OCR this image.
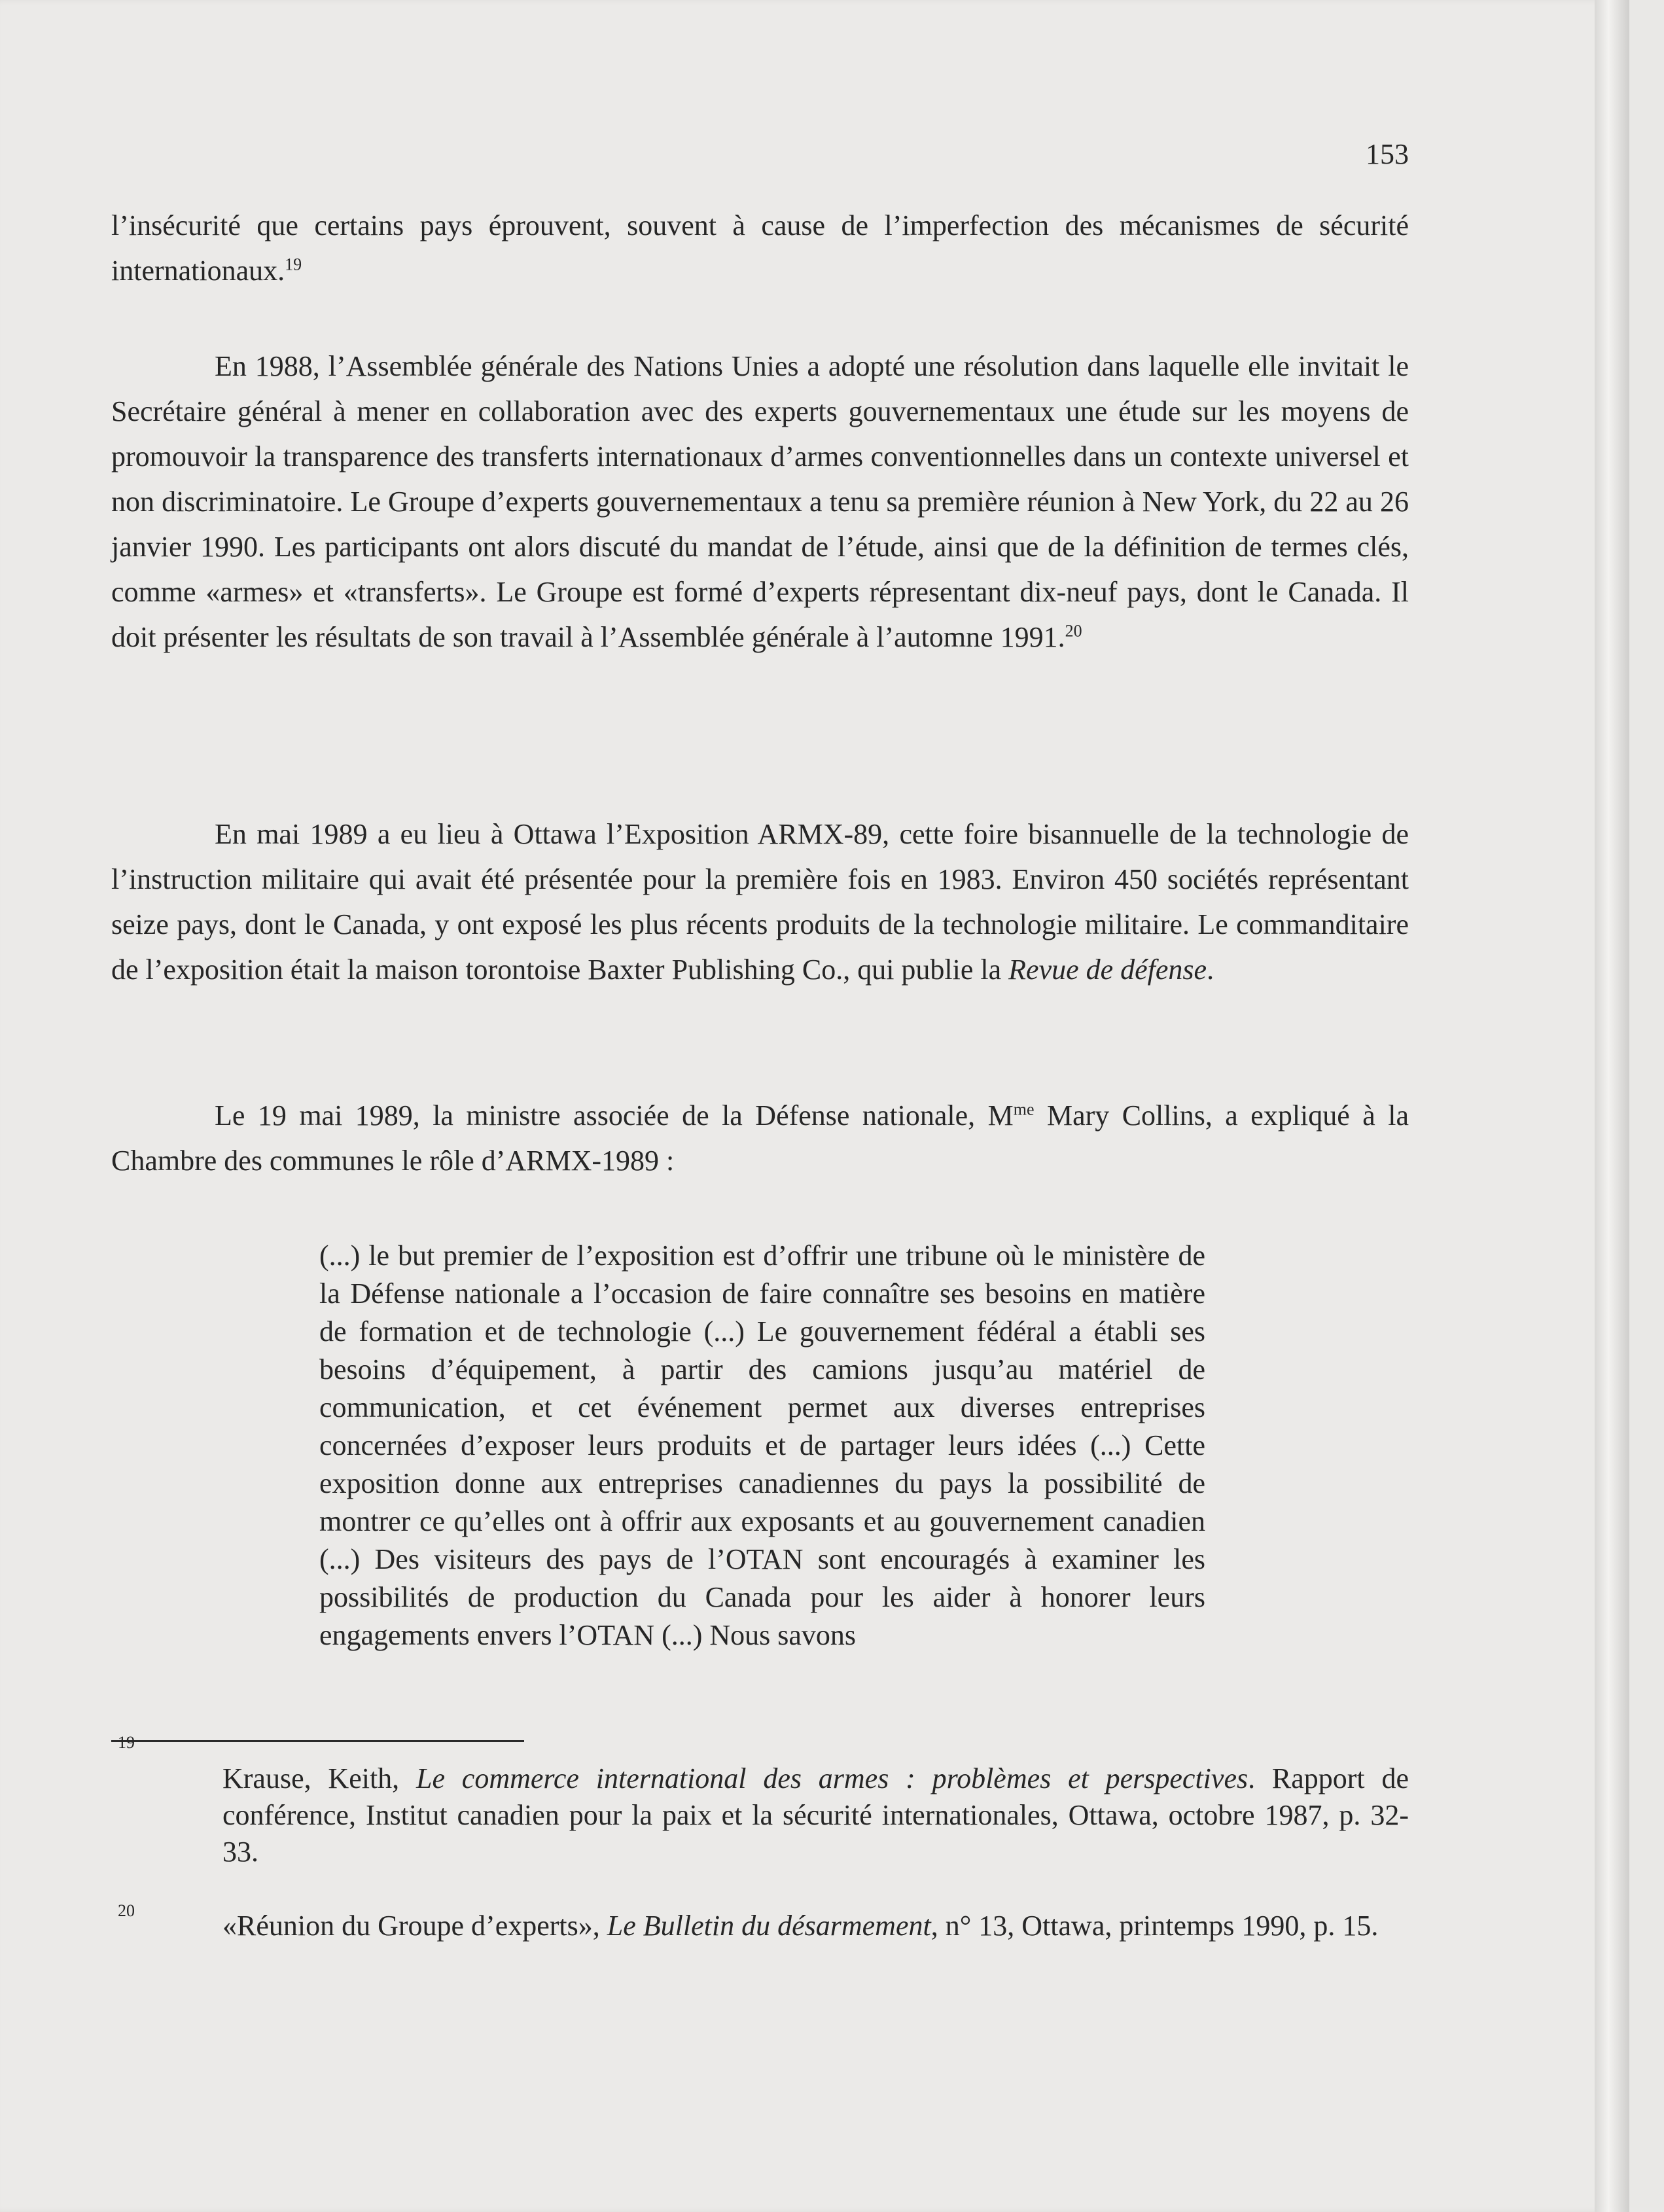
153

l’insécurité que certains pays éprouvent, souvent à cause de l’imperfection des mécanismes de sécurité internationaux.$^{19}$

En 1988, l’Assemblée générale des Nations Unies a adopté une résolution dans laquelle elle invitait le Secrétaire général à mener en collaboration avec des experts gouvernementaux une étude sur les moyens de promouvoir la transparence des transferts internationaux d’armes conventionnelles dans un contexte universel et non discriminatoire. Le Groupe d’experts gouvernementaux a tenu sa première réunion à New York, du 22 au 26 janvier 1990. Les participants ont alors discuté du mandat de l’étude, ainsi que de la définition de termes clés, comme «armes» et «transferts». Le Groupe est formé d’experts répresentant dix-neuf pays, dont le Canada. Il doit présenter les résultats de son travail à l’Assemblée générale à l’automne 1991.20

En mai 1989 a eu lieu à Ottawa l’Exposition ARMX-89, cette foire bisannuelle de la technologie de l’instruction militaire qui avait été présentée pour la première fois en 1983. Environ 450 sociétés représentant seize pays, dont le Canada, y ont exposé les plus récents produits de la technologie militaire. Le commanditaire de l’exposition était la maison torontoise Baxter Publishing Co., qui publie la Revue de défense.

Le 19 mai 1989, la ministre associée de la Défense nationale, $M^{me}$ Mary Collins, a expliqué à la Chambre des communes le rôle d’ARMX-1989 :

(...) le but premier de l’exposition est d’offrir une tribune où le ministère de la Défense nationale a l’occasion de faire connaître ses besoins en matière de formation et de technologie (...) Le gouvernement fédéral a établi ses besoins d’équipement, à partir des camions jusqu’au matériel de communication, et cet événement permet aux diverses entreprises concernées d’exposer leurs produits et de partager leurs idées (...) Cette exposition donne aux entreprises canadiennes du pays la possibilité de montrer ce qu’elles ont à offrir aux exposants et au gouvernement canadien (...) Des visiteurs des pays de l’OTAN sont encouragés à examiner les possibilités de production du Canada pour les aider à honorer leurs engagements envers l’OTAN (...) Nous savons

19

Krause, Keith, Le commerce international des armes : problèmes et perspectives. Rapport de conférence, Institut canadien pour la paix et la sécurité internationales, Ottawa, octobre 1987, p. 32-33.

20	«Réunion du Groupe d’experts», Le Bulletin du désarmement, n° 13, Ottawa, printemps 1990, p. 15.
